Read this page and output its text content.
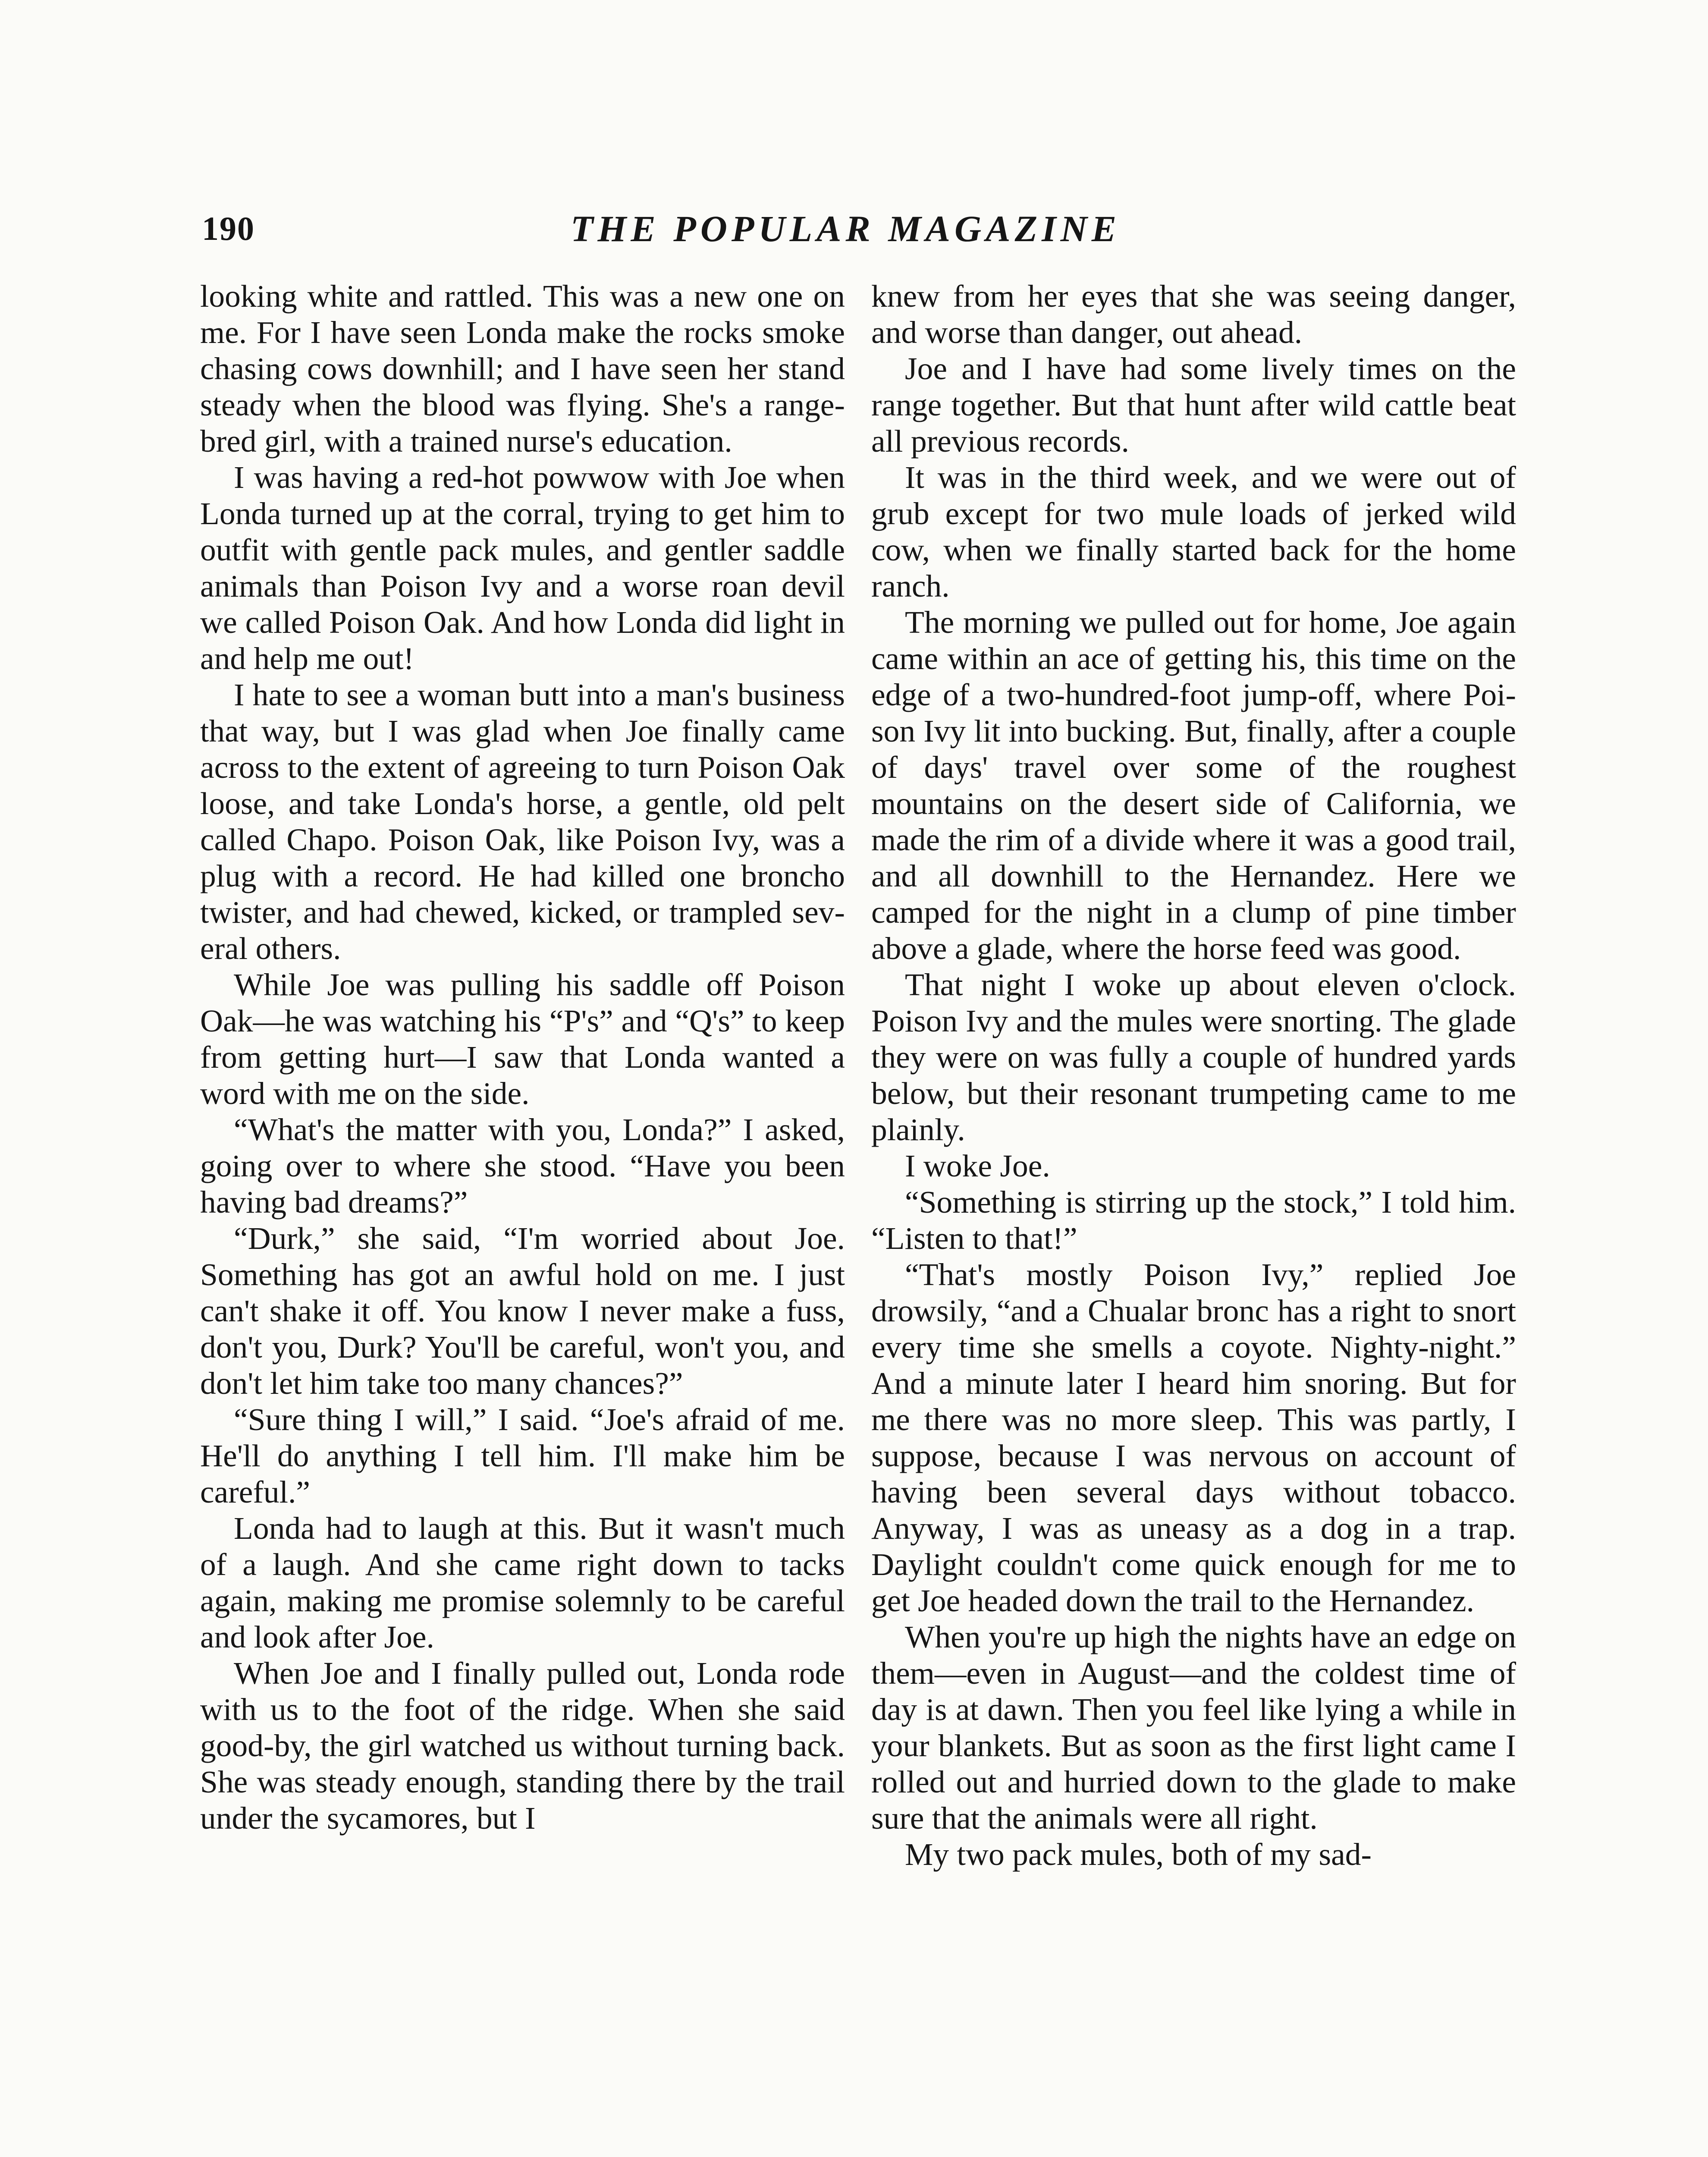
190	THE POPULAR MAGAZINE

looking white and rattled. This was a new one on me. For I have seen Londa make the rocks smoke chasing cows downhill; and I have seen her stand steady when the blood was flying. She's a range-bred girl, with a trained nurse's education.

I was having a red-hot powwow with Joe when Londa turned up at the corral, trying to get him to outfit with gentle pack mules, and gentler saddle animals than Poison Ivy and a worse roan devil we called Poison Oak. And how Londa did light in and help me out!

I hate to see a woman butt into a man's business that way, but I was glad when Joe finally came across to the extent of agreeing to turn Poison Oak loose, and take Londa's horse, a gentle, old pelt called Chapo. Poison Oak, like Poison Ivy, was a plug with a record. He had killed one broncho twister, and had chewed, kicked, or trampled several others.

While Joe was pulling his saddle off Poison Oak—he was watching his “P's” and “Q's” to keep from getting hurt—I saw that Londa wanted a word with me on the side.

“What's the matter with you, Londa?” I asked, going over to where she stood. “Have you been having bad dreams?”

“Durk,” she said, “I'm worried about Joe. Something has got an awful hold on me. I just can't shake it off. You know I never make a fuss, don't you, Durk? You'll be careful, won't you, and don't let him take too many chances?”

“Sure thing I will,” I said. “Joe's afraid of me. He'll do anything I tell him. I'll make him be careful.”

Londa had to laugh at this. But it wasn't much of a laugh. And she came right down to tacks again, making me promise solemnly to be careful and look after Joe.

When Joe and I finally pulled out, Londa rode with us to the foot of the ridge. When she said good-by, the girl watched us without turning back. She was steady enough, standing there by the trail under the sycamores, but I

knew from her eyes that she was seeing danger, and worse than danger, out ahead.

Joe and I have had some lively times on the range together. But that hunt after wild cattle beat all previous records.

It was in the third week, and we were out of grub except for two mule loads of jerked wild cow, when we finally started back for the home ranch.

The morning we pulled out for home, Joe again came within an ace of getting his, this time on the edge of a two-hundred-foot jump-off, where Poison Ivy lit into bucking. But, finally, after a couple of days' travel over some of the roughest mountains on the desert side of California, we made the rim of a divide where it was a good trail, and all downhill to the Hernandez. Here we camped for the night in a clump of pine timber above a glade, where the horse feed was good.

That night I woke up about eleven o'clock. Poison Ivy and the mules were snorting. The glade they were on was fully a couple of hundred yards below, but their resonant trumpeting came to me plainly.

I woke Joe.

“Something is stirring up the stock,” I told him. “Listen to that!”

“That's mostly Poison Ivy,” replied Joe drowsily, “and a Chualar bronc has a right to snort every time she smells a coyote. Nighty-night.” And a minute later I heard him snoring. But for me there was no more sleep. This was partly, I suppose, because I was nervous on account of having been several days without tobacco. Anyway, I was as uneasy as a dog in a trap. Daylight couldn't come quick enough for me to get Joe headed down the trail to the Hernandez.

When you're up high the nights have an edge on them—even in August—and the coldest time of day is at dawn. Then you feel like lying a while in your blankets. But as soon as the first light came I rolled out and hurried down to the glade to make sure that the animals were all right.

My two pack mules, both of my sad-
